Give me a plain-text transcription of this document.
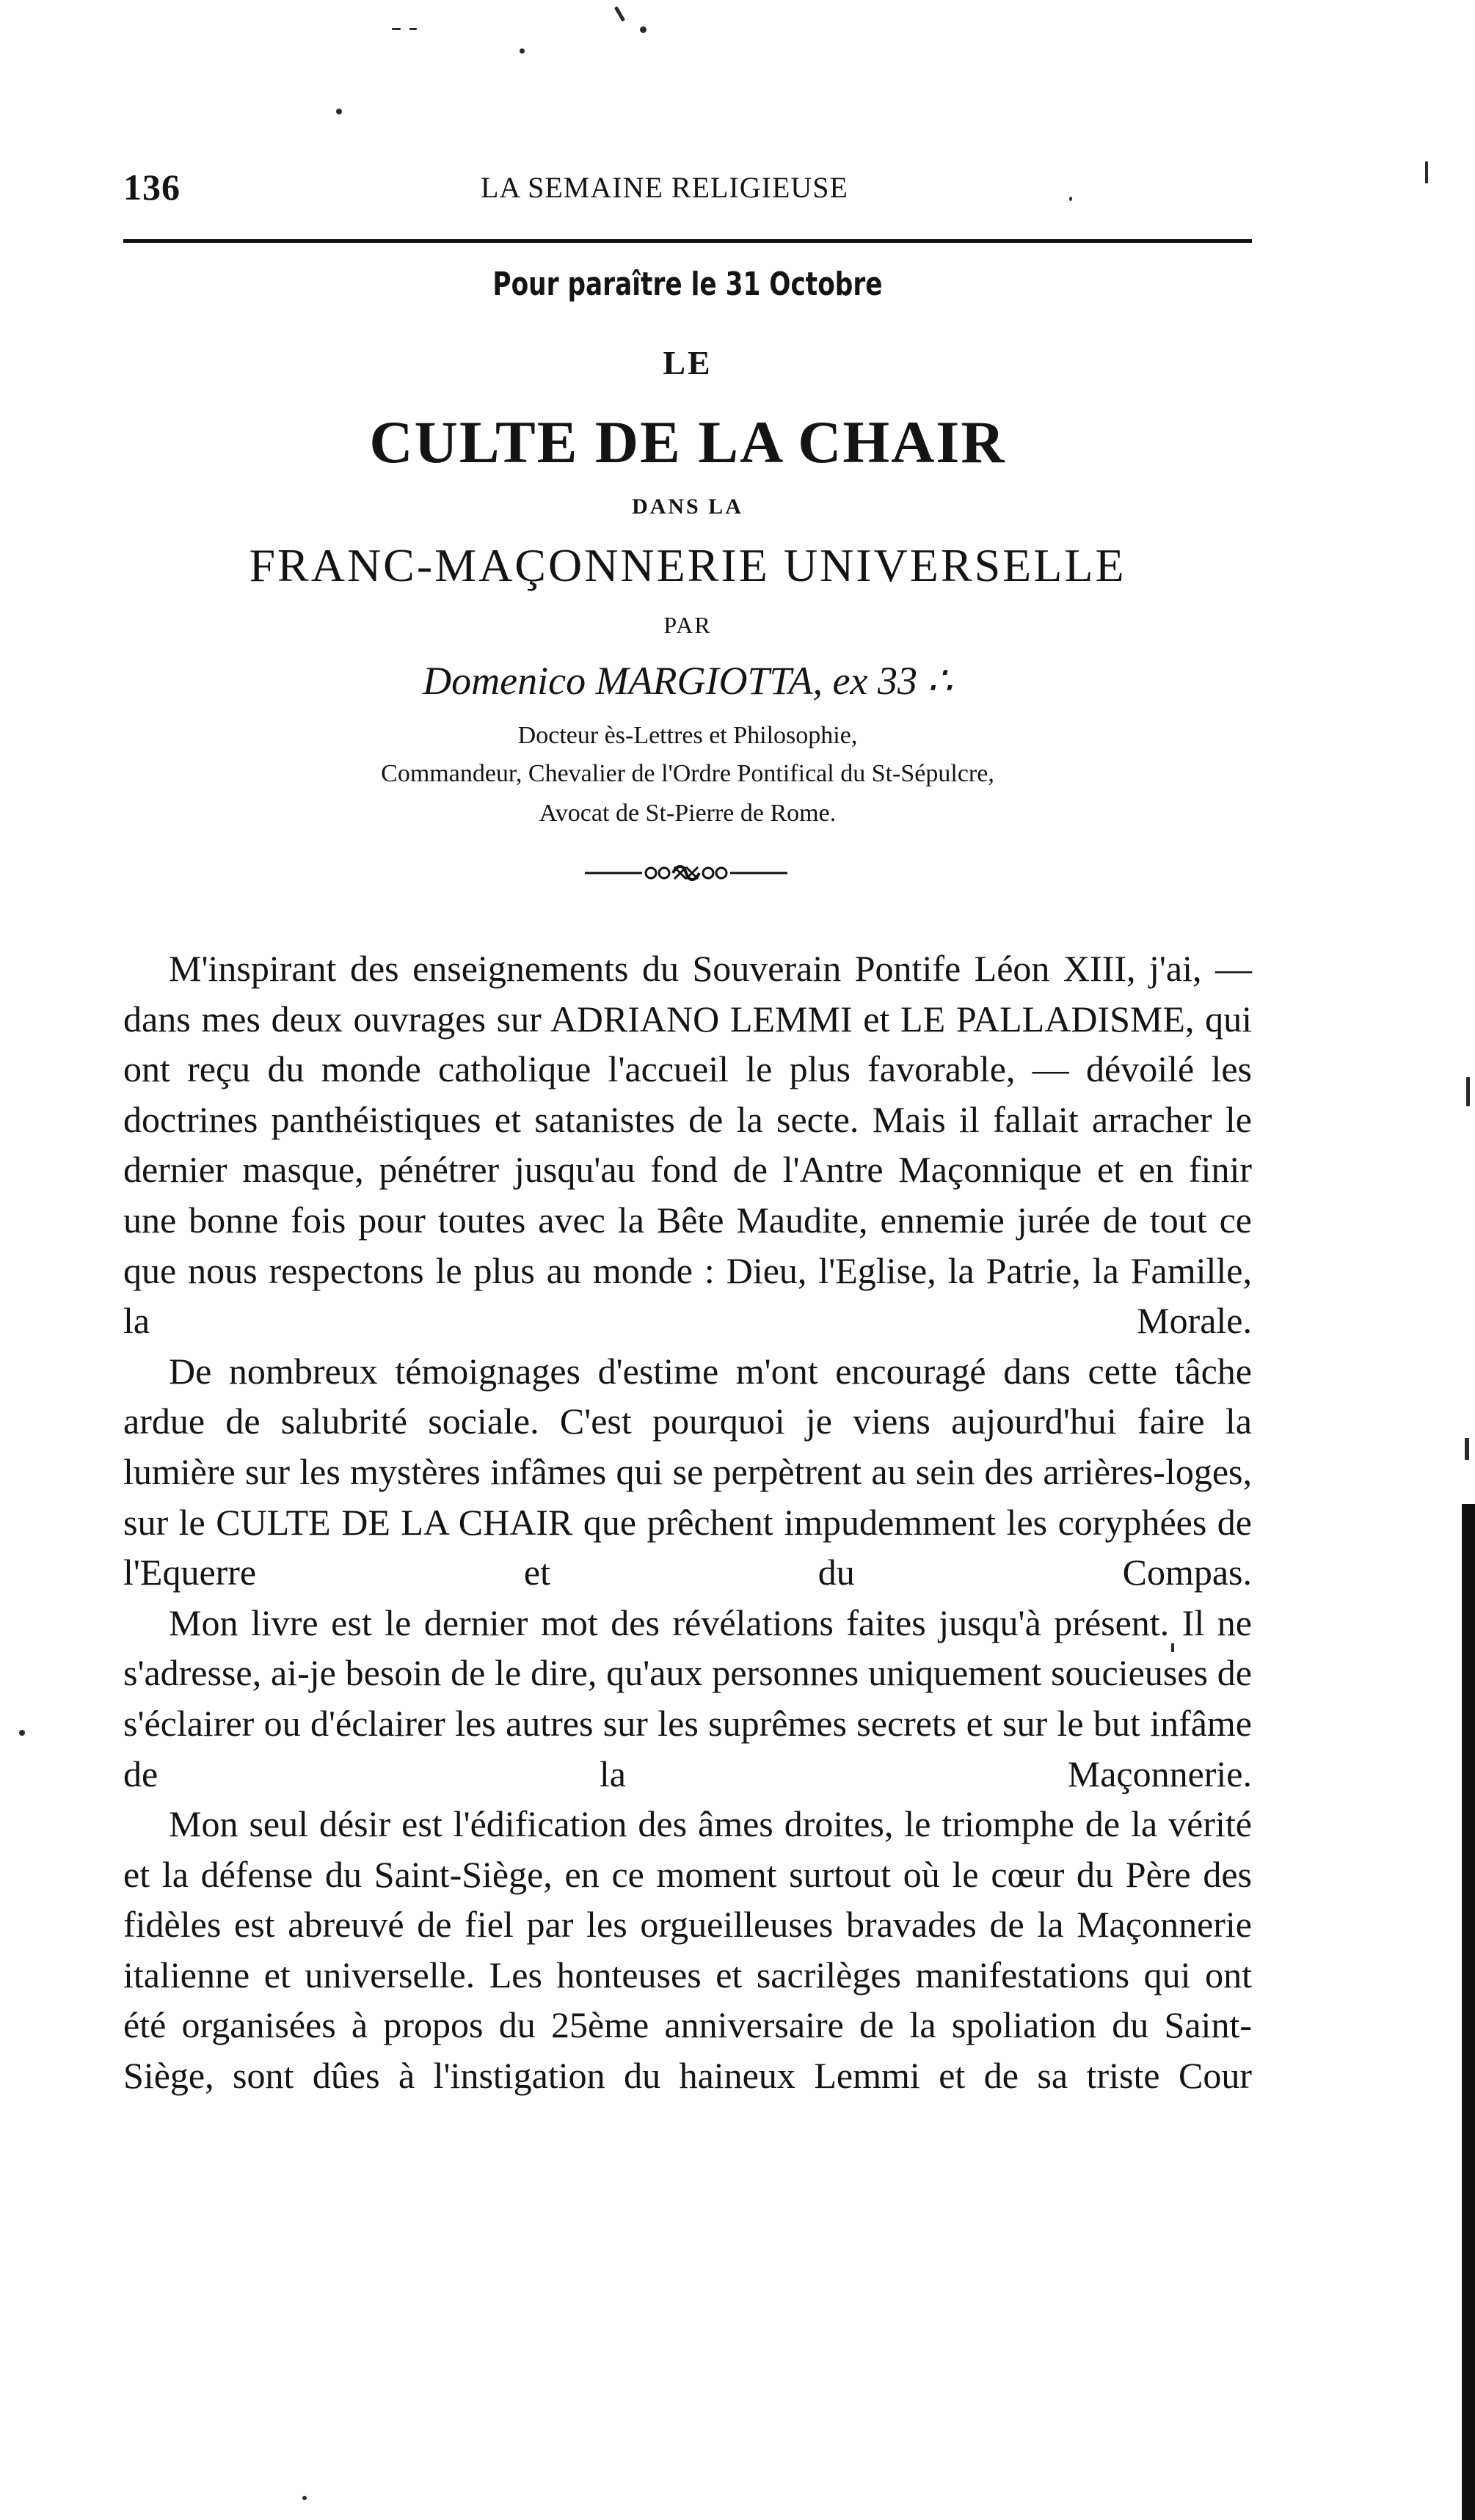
136	LA SEMAINE RELIGIEUSE
Pour paraître le 31 Octobre
LE
CULTE DE LA CHAIR
DANS LA
FRANC-MAÇONNERIE UNIVERSELLE
PAR
Domenico MARGIOTTA, ex 33 ∴
Docteur ès-Lettres et Philosophie,
Commandeur, Chevalier de l'Ordre Pontifical du St-Sépulcre,
Avocat de St-Pierre de Rome.

M'inspirant des enseignements du Souverain Pontife Léon XIII, j'ai, — dans mes deux ouvrages sur ADRIANO LEMMI et LE PALLADISME, qui ont reçu du monde catholique l'accueil le plus favorable, — dévoilé les doctrines panthéistiques et satanistes de la secte. Mais il fallait arracher le dernier masque, pénétrer jusqu'au fond de l'Antre Maçonnique et en finir une bonne fois pour toutes avec la Bête Maudite, ennemie jurée de tout ce que nous respectons le plus au monde : Dieu, l'Eglise, la Patrie, la Famille, la Morale.

De nombreux témoignages d'estime m'ont encouragé dans cette tâche ardue de salubrité sociale. C'est pourquoi je viens aujourd'hui faire la lumière sur les mystères infâmes qui se perpètrent au sein des arrières-loges, sur le CULTE DE LA CHAIR que prêchent impudemment les coryphées de l'Equerre et du Compas.

Mon livre est le dernier mot des révélations faites jusqu'à présent. Il ne s'adresse, ai-je besoin de le dire, qu'aux personnes uniquement soucieuses de s'éclairer ou d'éclairer les autres sur les suprêmes secrets et sur le but infâme de la Maçonnerie.

Mon seul désir est l'édification des âmes droites, le triomphe de la vérité et la défense du Saint-Siège, en ce moment surtout où le cœur du Père des fidèles est abreuvé de fiel par les orgueilleuses bravades de la Maçonnerie italienne et universelle. Les honteuses et sacrilèges manifestations qui ont été organisées à propos du 25ème anniversaire de la spoliation du Saint-Siège, sont dûes à l'instigation du haineux Lemmi et de sa triste Cour
